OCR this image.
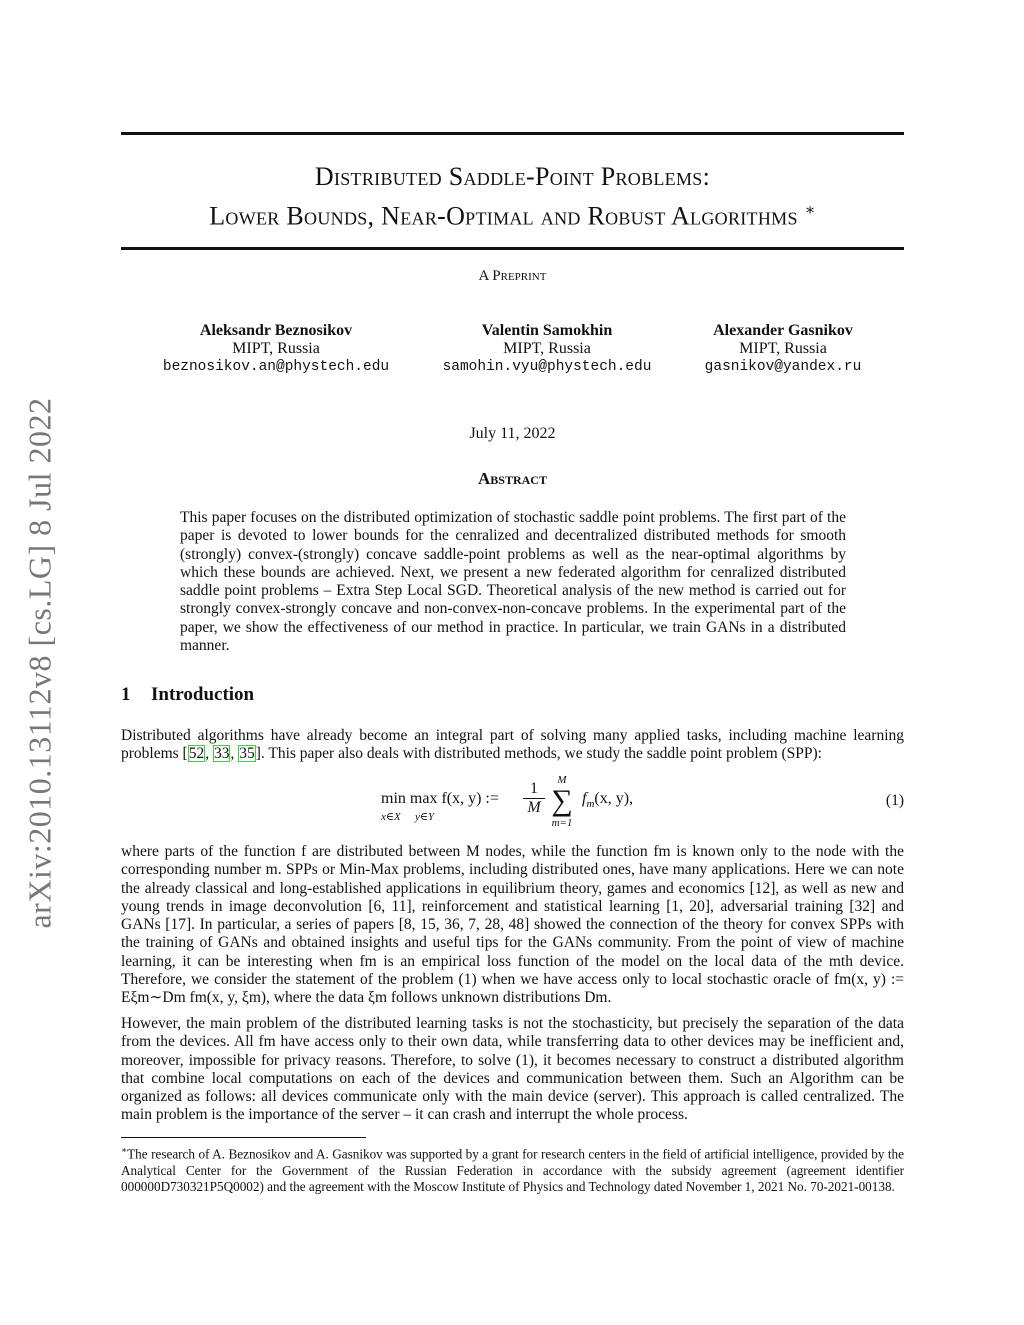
arXiv:2010.13112v8 [cs.LG] 8 Jul 2022
Distributed Saddle-Point Problems:
Lower Bounds, Near-Optimal and Robust Algorithms ∗
A Preprint
Aleksandr Beznosikov
MIPT, Russia
beznosikov.an@phystech.edu
Valentin Samokhin
MIPT, Russia
samohin.vyu@phystech.edu
Alexander Gasnikov
MIPT, Russia
gasnikov@yandex.ru
July 11, 2022
Abstract
This paper focuses on the distributed optimization of stochastic saddle point problems. The first part of the paper is devoted to lower bounds for the cenralized and decentralized distributed methods for smooth (strongly) convex-(strongly) concave saddle-point problems as well as the near-optimal algorithms by which these bounds are achieved. Next, we present a new federated algorithm for cenralized distributed saddle point problems – Extra Step Local SGD. Theoretical analysis of the new method is carried out for strongly convex-strongly concave and non-convex-non-concave problems. In the experimental part of the paper, we show the effectiveness of our method in practice. In particular, we train GANs in a distributed manner.
1 Introduction
Distributed algorithms have already become an integral part of solving many applied tasks, including machine learning problems [52, 33, 35]. This paper also deals with distributed methods, we study the saddle point problem (SPP):
min max f(x, y) :=
x∈X y∈Y	$\frac{1}{M}$	M
∑
m=1
$f_m(x$, y),	(1)
where parts of the function f are distributed between M nodes, while the function fm is known only to the node with the corresponding number m. SPPs or Min-Max problems, including distributed ones, have many applications. Here we can note the already classical and long-established applications in equilibrium theory, games and economics [12], as well as new and young trends in image deconvolution [6, 11], reinforcement and statistical learning [1, 20], adversarial training [32] and GANs [17]. In particular, a series of papers [8, 15, 36, 7, 28, 48] showed the connection of the theory for convex SPPs with the training of GANs and obtained insights and useful tips for the GANs community. From the point of view of machine learning, it can be interesting when fm is an empirical loss function of the model on the local data of the mth device. Therefore, we consider the statement of the problem (1) when we have access only to local stochastic oracle of fm(x, y) := Eξm∼Dm fm(x, y, ξm), where the data ξm follows unknown distributions Dm.
However, the main problem of the distributed learning tasks is not the stochasticity, but precisely the separation of the data from the devices. All fm have access only to their own data, while transferring data to other devices may be inefficient and, moreover, impossible for privacy reasons. Therefore, to solve (1), it becomes necessary to construct a distributed algorithm that combine local computations on each of the devices and communication between them. Such an Algorithm can be organized as follows: all devices communicate only with the main device (server). This approach is called centralized. The main problem is the importance of the server – it can crash and interrupt the whole process.
∗The research of A. Beznosikov and A. Gasnikov was supported by a grant for research centers in the field of artificial intelligence, provided by the Analytical Center for the Government of the Russian Federation in accordance with the subsidy agreement (agreement identifier 000000D730321P5Q0002) and the agreement with the Moscow Institute of Physics and Technology dated November 1, 2021 No. 70-2021-00138.
